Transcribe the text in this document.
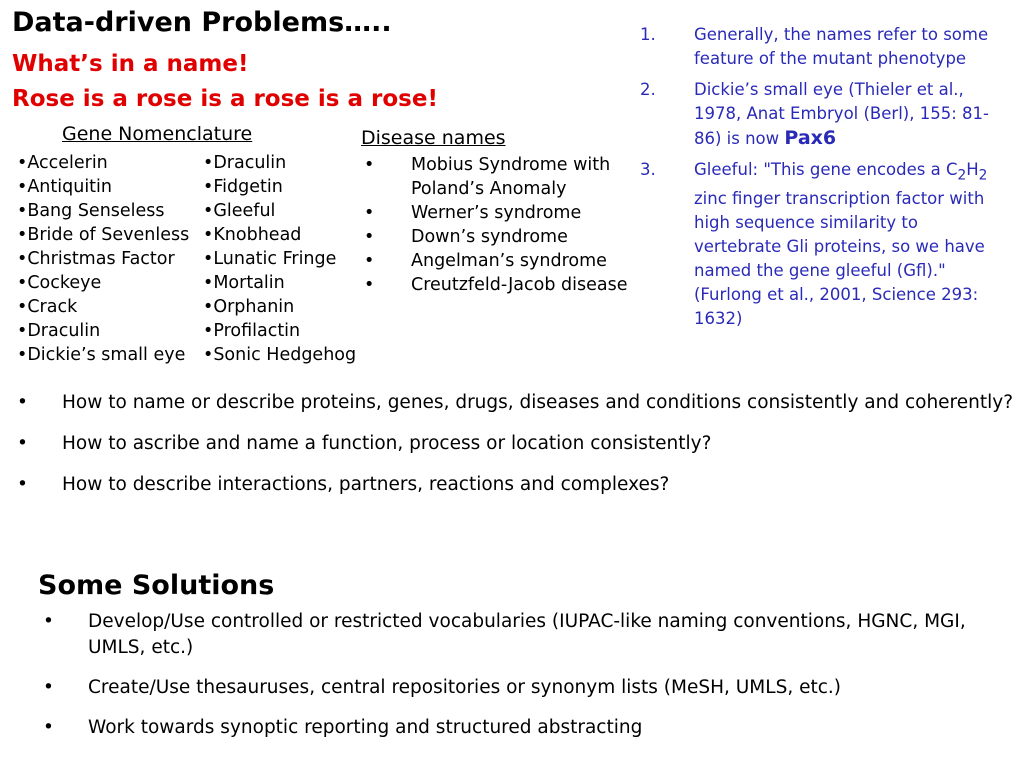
Data-driven Problems…..
What’s in a name!
Rose is a rose is a rose is a rose!
Gene Nomenclature
• Accelerin
• Antiquitin
• Bang Senseless
• Bride of Sevenless
• Christmas Factor
• Cockeye
• Crack
• Draculin
• Dickie’s small eye
• Draculin
• Fidgetin
• Gleeful
• Knobhead
• Lunatic Fringe
• Mortalin
• Orphanin
• Profilactin
• Sonic Hedgehog
Disease names
• Mobius Syndrome with Poland’s Anomaly
• Werner’s syndrome
• Down’s syndrome
• Angelman’s syndrome
• Creutzfeld-Jacob disease
1. Generally, the names refer to some feature of the mutant phenotype
2. Dickie’s small eye (Thieler et al., 1978, Anat Embryol (Berl), 155: 81-86) is now Pax6
3. Gleeful: "This gene encodes a $C_2H_2$ zinc finger transcription factor with high sequence similarity to vertebrate Gli proteins, so we have named the gene gleeful (Gfl)." (Furlong et al., 2001, Science 293: 1632)
• How to name or describe proteins, genes, drugs, diseases and conditions consistently and coherently?
• How to ascribe and name a function, process or location consistently?
• How to describe interactions, partners, reactions and complexes?
Some Solutions
• Develop/Use controlled or restricted vocabularies (IUPAC-like naming conventions, HGNC, MGI, UMLS, etc.)
• Create/Use thesauruses, central repositories or synonym lists (MeSH, UMLS, etc.)
• Work towards synoptic reporting and structured abstracting
